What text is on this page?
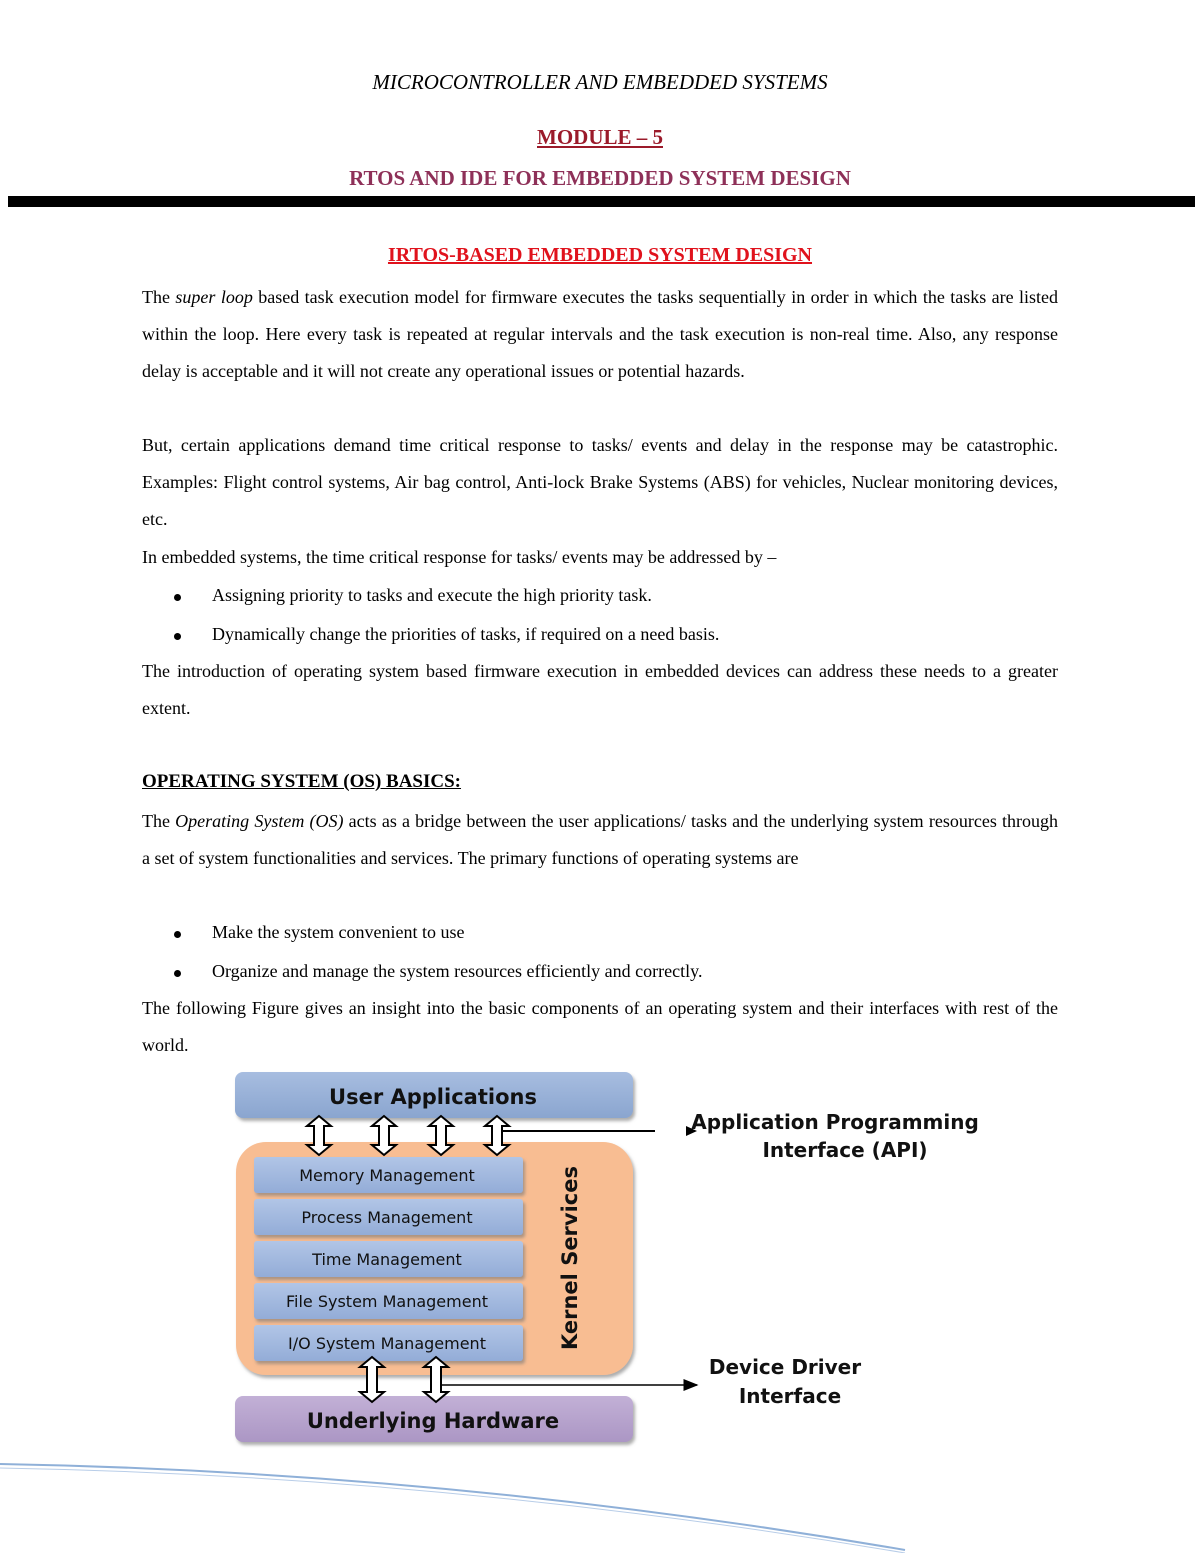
MICROCONTROLLER AND EMBEDDED SYSTEMS
MODULE – 5
RTOS AND IDE FOR EMBEDDED SYSTEM DESIGN
IRTOS-BASED EMBEDDED SYSTEM DESIGN

The super loop based task execution model for firmware executes the tasks sequentially in order in which the tasks are listed within the loop. Here every task is repeated at regular intervals and the task execution is non-real time. Also, any response delay is acceptable and it will not create any operational issues or potential hazards.

But, certain applications demand time critical response to tasks/ events and delay in the response may be catastrophic. Examples: Flight control systems, Air bag control, Anti-lock Brake Systems (ABS) for vehicles, Nuclear monitoring devices, etc.

In embedded systems, the time critical response for tasks/ events may be addressed by –

Assigning priority to tasks and execute the high priority task.
Dynamically change the priorities of tasks, if required on a need basis.

The introduction of operating system based firmware execution in embedded devices can address these needs to a greater extent.

OPERATING SYSTEM (OS) BASICS:

The Operating System (OS) acts as a bridge between the user applications/ tasks and the underlying system resources through a set of system functionalities and services. The primary functions of operating systems are

Make the system convenient to use
Organize and manage the system resources efficiently and correctly.

The following Figure gives an insight into the basic components of an operating system and their interfaces with rest of the world.

User Applications
Underlying Hardware
Memory Management
Process Management
Time Management
File System Management
I/O System Management	Kernel Services
Application Programming
Interface (API)
Device Driver
Interface
